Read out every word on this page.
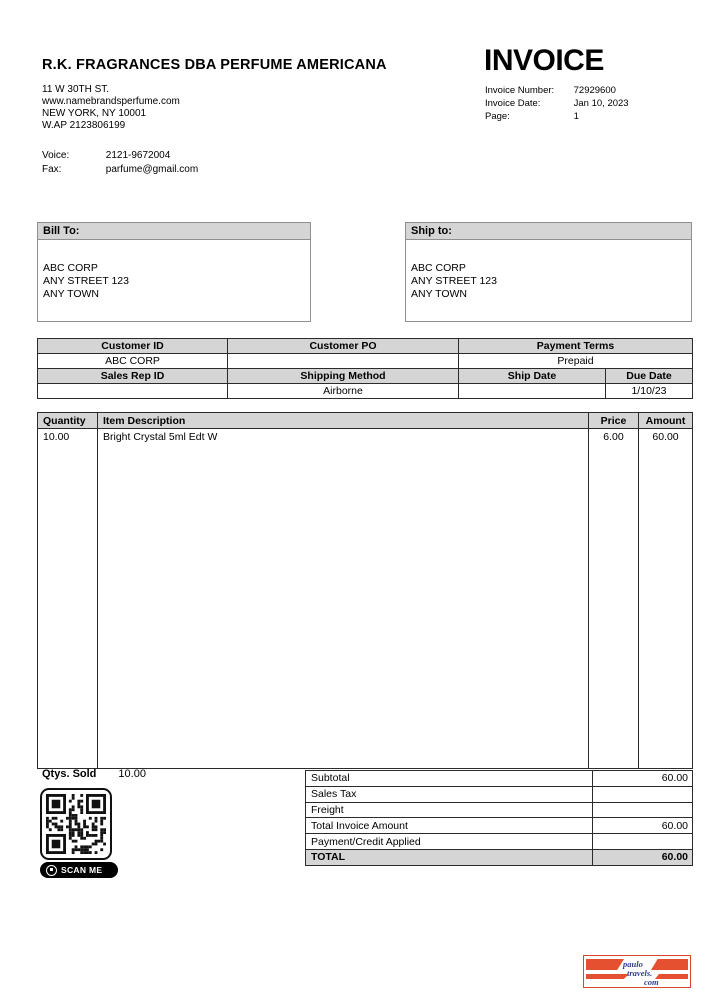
R.K. FRAGRANCES DBA PERFUME AMERICANA
11 W 30TH ST.
www.namebrandsperfume.com
NEW YORK, NY 10001
W.AP 2123806199
Voice:	2121-9672004
Fax:	parfume@gmail.com
INVOICE
Invoice Number: 72929600
Invoice Date:	Jan 10, 2023
Page:	1
Bill To:
ABC CORP
ANY STREET 123
ANY TOWN
Ship to:
ABC CORP
ANY STREET 123
ANY TOWN
Customer ID	Customer PO	Payment Terms	
ABC CORP		Prepaid	
Sales Rep ID	Shipping Method	Ship Date	Due Date
	Airborne		1/10/23
Quantity	Item Description	Price	Amount
10.00	Bright Crystal 5ml Edt W	6.00	60.00
Qtys. Sold 10.00
SCAN ME
Subtotal	60.00
Sales Tax	
Freight	
Total Invoice Amount	60.00
Payment/Credit Applied	
TOTAL	60.00
paulo
travels.
com
